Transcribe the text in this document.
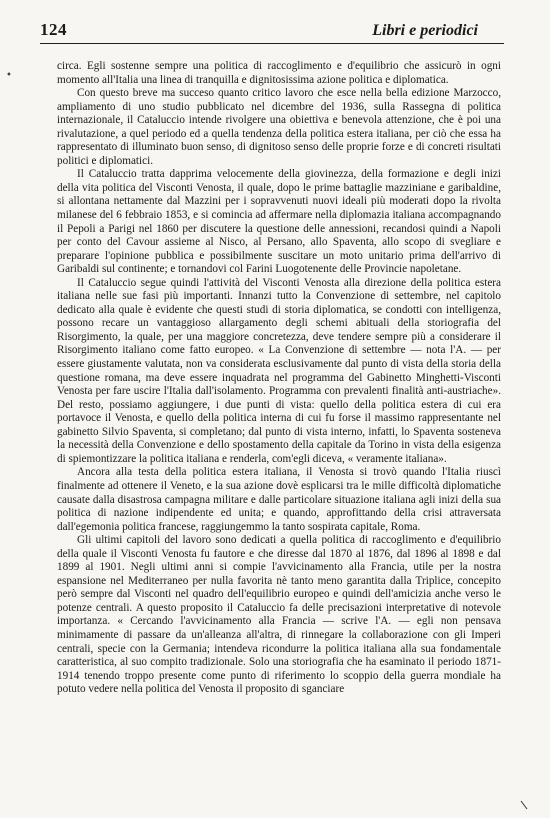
124	Libri e periodici
•

circa. Egli sostenne sempre una politica di raccoglimento e d'equilibrio che assicurò in ogni momento all'Italia una linea di tranquilla e dignitosissima azione politica e diplomatica.

Con questo breve ma succeso quanto critico lavoro che esce nella bella edizione Marzocco, ampliamento di uno studio pubblicato nel dicembre del 1936, sulla Rassegna di politica internazionale, il Cataluccio intende rivolgere una obiettiva e benevola attenzione, che è poi una rivalutazione, a quel periodo ed a quella tendenza della politica estera italiana, per ciò che essa ha rappresentato di illuminato buon senso, di dignitoso senso delle proprie forze e di concreti risultati politici e diplomatici.

Il Cataluccio tratta dapprima velocemente della giovinezza, della formazione e degli inizi della vita politica del Visconti Venosta, il quale, dopo le prime battaglie mazziniane e garibaldine, si allontana nettamente dal Mazzini per i sopravvenuti nuovi ideali più moderati dopo la rivolta milanese del 6 febbraio 1853, e si comincia ad affermare nella diplomazia italiana accompagnando il Pepoli a Parigi nel 1860 per discutere la questione delle annessioni, recandosi quindi a Napoli per conto del Cavour assieme al Nisco, al Persano, allo Spaventa, allo scopo di svegliare e preparare l'opinione pubblica e possibilmente suscitare un moto unitario prima dell'arrivo di Garibaldi sul continente; e tornandovi col Farini Luogotenente delle Provincie napoletane.

Il Cataluccio segue quindi l'attività del Visconti Venosta alla direzione della politica estera italiana nelle sue fasi più importanti. Innanzi tutto la Convenzione di settembre, nel capitolo dedicato alla quale è evidente che questi studi di storia diplomatica, se condotti con intelligenza, possono recare un vantaggioso allargamento degli schemi abituali della storiografia del Risorgimento, la quale, per una maggiore concretezza, deve tendere sempre più a considerare il Risorgimento italiano come fatto europeo. « La Convenzione di settembre — nota l'A. — per essere giustamente valutata, non va considerata esclusivamente dal punto di vista della storia della questione romana, ma deve essere inquadrata nel programma del Gabinetto Minghetti-Visconti Venosta per fare uscire l'Italia dall'isolamento. Programma con prevalenti finalità anti-austriache». Del resto, possiamo aggiungere, i due punti di vista: quello della politica estera di cui era portavoce il Venosta, e quello della politica interna di cui fu forse il massimo rappresentante nel gabinetto Silvio Spaventa, si completano; dal punto di vista interno, infatti, lo Spaventa sosteneva la necessità della Convenzione e dello spostamento della capitale da Torino in vista della esigenza di spiemontizzare la politica italiana e renderla, com'egli diceva, « veramente italiana».

Ancora alla testa della politica estera italiana, il Venosta si trovò quando l'Italia riuscì finalmente ad ottenere il Veneto, e la sua azione dovè esplicarsi tra le mille difficoltà diplomatiche causate dalla disastrosa campagna militare e dalle particolare situazione italiana agli inizi della sua politica di nazione indipendente ed unita; e quando, approfittando della crisi attraversata dall'egemonia politica francese, raggiungemmo la tanto sospirata capitale, Roma.

Gli ultimi capitoli del lavoro sono dedicati a quella politica di raccoglimento e d'equilibrio della quale il Visconti Venosta fu fautore e che diresse dal 1870 al 1876, dal 1896 al 1898 e dal 1899 al 1901. Negli ultimi anni si compie l'avvicinamento alla Francia, utile per la nostra espansione nel Mediterraneo per nulla favorita nè tanto meno garantita dalla Triplice, concepito però sempre dal Visconti nel quadro dell'equilibrio europeo e quindi dell'amicizia anche verso le potenze centrali. A questo proposito il Cataluccio fa delle precisazioni interpretative di notevole importanza. « Cercando l'avvicinamento alla Francia — scrive l'A. — egli non pensava minimamente di passare da un'alleanza all'altra, di rinnegare la collaborazione con gli Imperi centrali, specie con la Germania; intendeva ricondurre la politica italiana alla sua fondamentale caratteristica, al suo compito tradizionale. Solo una storiografia che ha esaminato il periodo 1871-1914 tenendo troppo presente come punto di riferimento lo scoppio della guerra mondiale ha potuto vedere nella politica del Venosta il proposito di sganciare
